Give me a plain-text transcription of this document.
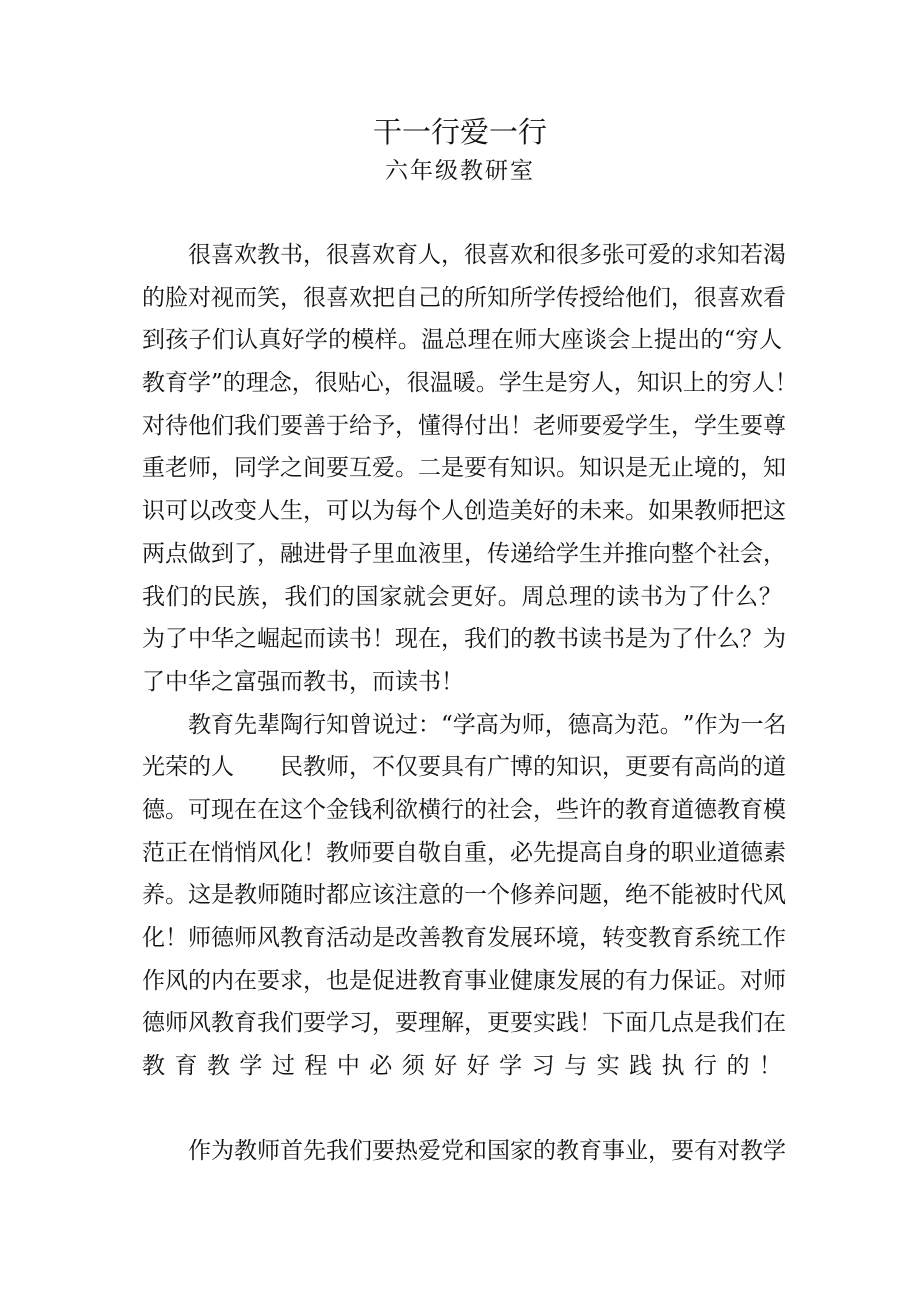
干一行爱一行
六年级教研室
很 喜 欢 教 书 ， 很 喜 欢 育 人 ， 很 喜 欢 和 很 多 张 可 爱 的 求 知 若 渴
的 脸 对 视 而 笑 ， 很 喜 欢 把 自 己 的 所 知 所 学 传 授 给 他 们 ， 很 喜 欢 看
到 孩 子 们 认 真 好 学 的 模 样 。 温 总 理 在 师 大 座 谈 会 上 提 出 的 “ 穷 人
教 育 学 ” 的 理 念 ， 很 贴 心 ， 很 温 暖 。 学 生 是 穷 人 ， 知 识 上 的 穷 人 ！
对 待 他 们 我 们 要 善 于 给 予 ， 懂 得 付 出 ！ 老 师 要 爱 学 生 ， 学 生 要 尊
重 老 师 ， 同 学 之 间 要 互 爱 。 二 是 要 有 知 识 。 知 识 是 无 止 境 的 ， 知
识 可 以 改 变 人 生 ， 可 以 为 每 个 人 创 造 美 好 的 未 来 。 如 果 教 师 把 这
两 点 做 到 了 ， 融 进 骨 子 里 血 液 里 ， 传 递 给 学 生 并 推 向 整 个 社 会 ，
我 们 的 民 族 ， 我 们 的 国 家 就 会 更 好 。 周 总 理 的 读 书 为 了 什 么 ？
为 了 中 华 之 崛 起 而 读 书 ！ 现 在 ， 我 们 的 教 书 读 书 是 为 了 什 么 ？ 为
了中华之富强而教书，而读书！
教 育 先 辈 陶 行 知 曾 说 过 ： “ 学 高 为 师 ， 德 高 为 范 。 ” 作 为 一 名
光 荣 的 人

　 民 教 师 ， 不 仅 要 具 有 广 博 的 知 识 ， 更 要 有 高 尚 的 道
德 。 可 现 在 在 这 个 金 钱 利 欲 横 行 的 社 会 ， 些 许 的 教 育 道 德 教 育 模
范 正 在 悄 悄 风 化 ！ 教 师 要 自 敬 自 重 ， 必 先 提 高 自 身 的 职 业 道 德 素
养 。 这 是 教 师 随 时 都 应 该 注 意 的 一 个 修 养 问 题 ， 绝 不 能 被 时 代 风
化 ！ 师 德 师 风 教 育 活 动 是 改 善 教 育 发 展 环 境 ， 转 变 教 育 系 统 工 作
作 风 的 内 在 要 求 ， 也 是 促 进 教 育 事 业 健 康 发 展 的 有 力 保 证 。 对 师
德 师 风 教 育 我 们 要 学 习 ， 要 理 解 ， 更 要 实 践 ！ 下 面 几 点 是 我 们 在
教 育 教 学 过 程 中 必 须 好 好 学 习 与 实 践 执 行 的 ！
作为教师首先我们要热爱党和国家的教育事业，要有对教学
